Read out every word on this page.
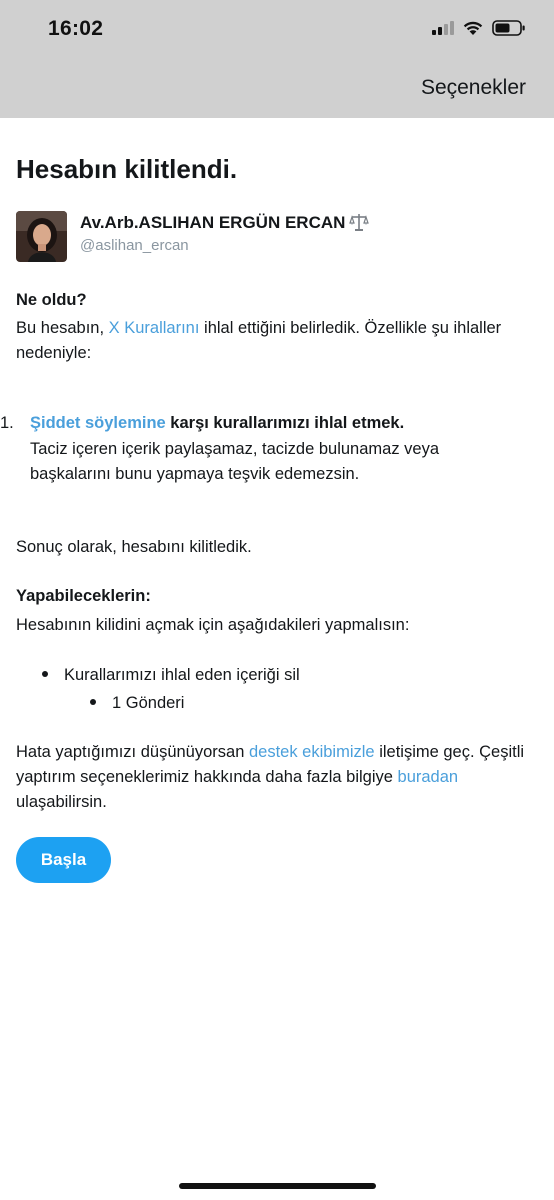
16:02
Seçenekler
Hesabın kilitlendi.
Av.Arb.ASLIHAN ERGÜN ERCAN
@aslihan_ercan
Ne oldu?
Bu hesabın, X Kurallarını ihlal ettiğini belirledik. Özellikle şu ihlaller nedeniyle:
1. Şiddet söylemine karşı kurallarımızı ihlal etmek.
Taciz içeren içerik paylaşamaz, tacizde bulunamaz veya başkalarını bunu yapmaya teşvik edemezsin.
Sonuç olarak, hesabını kilitledik.
Yapabileceklerin:
Hesabının kilidini açmak için aşağıdakileri yapmalısın:
Kurallarımızı ihlal eden içeriği sil
1 Gönderi
Hata yaptığımızı düşünüyorsan destek ekibimizle iletişime geç. Çeşitli yaptırım seçeneklerimiz hakkında daha fazla bilgiye buradan ulaşabilirsin.
Başla
